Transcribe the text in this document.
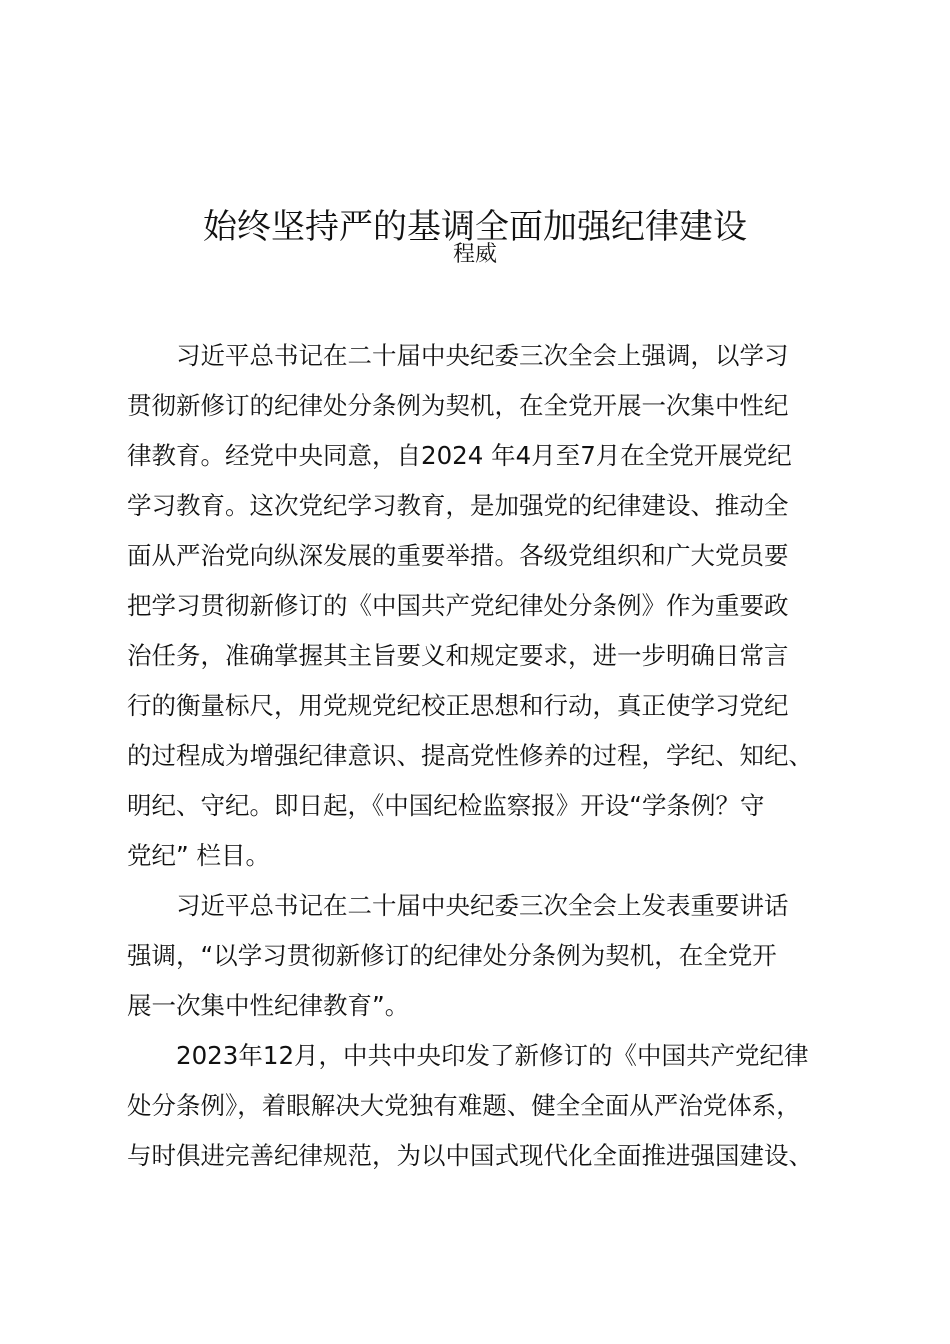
始终坚持严的基调全面加强纪律建设
程威
习近平总书记在二十届中央纪委三次全会上强调，以学习
贯彻新修订的纪律处分条例为契机，在全党开展一次集中性纪
律教育。经党中央同意，自2024 年4月至7月在全党开展党纪
学习教育。这次党纪学习教育，是加强党的纪律建设、推动全
面从严治党向纵深发展的重要举措。各级党组织和广大党员要
把学习贯彻新修订的《中国共产党纪律处分条例》作为重要政
治任务，准确掌握其主旨要义和规定要求，进一步明确日常言
行的衡量标尺，用党规党纪校正思想和行动，真正使学习党纪
的过程成为增强纪律意识、提高党性修养的过程，学纪、知纪、
明纪、守纪。即日起，《中国纪检监察报》开设“学条例？守
党纪” 栏目。
习近平总书记在二十届中央纪委三次全会上发表重要讲话
强调，“以学习贯彻新修订的纪律处分条例为契机，在全党开
展一次集中性纪律教育”。
2023年12月，中共中央印发了新修订的《中国共产党纪律
处分条例》，着眼解决大党独有难题、健全全面从严治党体系，
与时俱进完善纪律规范，为以中国式现代化全面推进强国建设、
